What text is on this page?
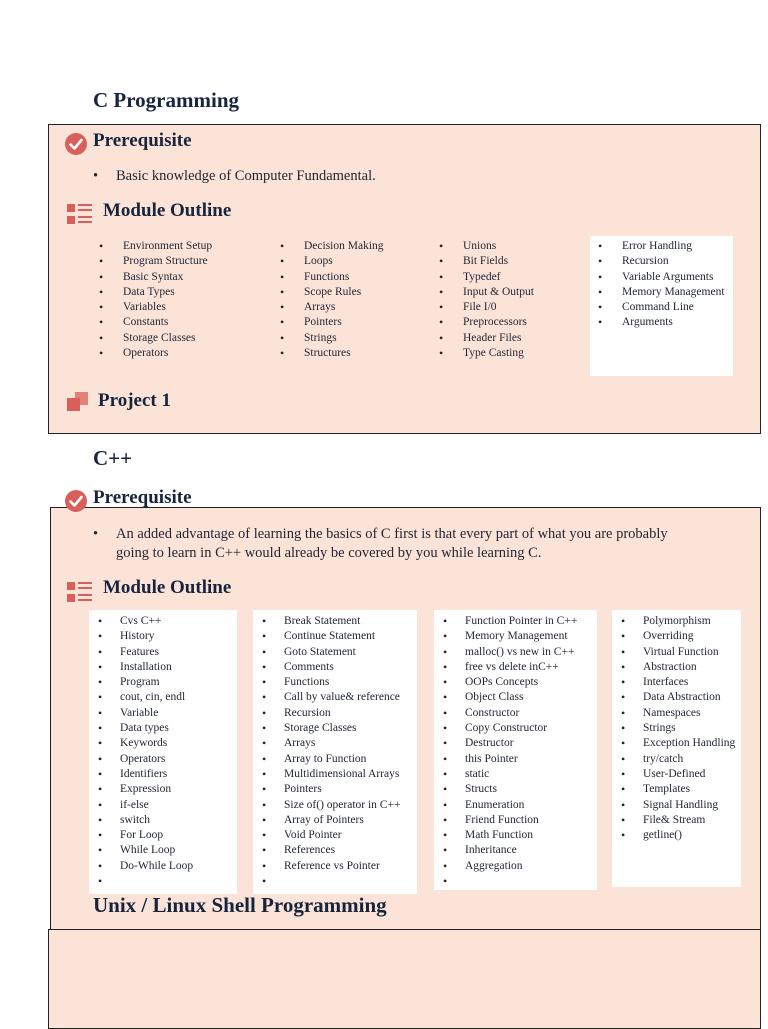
C Programming
Prerequisite
•	Basic knowledge of Computer Fundamental.
Module Outline
• Environment Setup
• Program Structure
• Basic Syntax
• Data Types
• Variables
• Constants
• Storage Classes
• Operators
• Decision Making
• Loops
• Functions
• Scope Rules
• Arrays
• Pointers
• Strings
• Structures
• Unions
• Bit Fields
• Typedef
• Input & Output
• File I/0
• Preprocessors
• Header Files
• Type Casting
• Error Handling
• Recursion
• Variable Arguments
• Memory Management
• Command Line
• Arguments
Project 1
C++
Prerequisite
•	An added advantage of learning the basics of C first is that every part of what you are probably going to learn in C++ would already be covered by you while learning C.
Module Outline
• Cvs C++
• History
• Features
• Installation
• Program
• cout, cin, endl
• Variable
• Data types
• Keywords
• Operators
• Identifiers
• Expression
• if-else
• switch
• For Loop
• While Loop
• Do-While Loop
•
• Break Statement
• Continue Statement
• Goto Statement
• Comments
• Functions
• Call by value& reference
• Recursion
• Storage Classes
• Arrays
• Array to Function
• Multidimensional Arrays
• Pointers
• Size of() operator in C++
• Array of Pointers
• Void Pointer
• References
• Reference vs Pointer
•
• Function Pointer in C++
• Memory Management
• malloc() vs new in C++
• free vs delete inC++
• OOPs Concepts
• Object Class
• Constructor
• Copy Constructor
• Destructor
• this Pointer
• static
• Structs
• Enumeration
• Friend Function
• Math Function
• Inheritance
• Aggregation
•
• Polymorphism
• Overriding
• Virtual Function
• Abstraction
• Interfaces
• Data Abstraction
• Namespaces
• Strings
• Exception Handling
• try/catch
• User-Defined
• Templates
• Signal Handling
• File& Stream
• getline()
Unix / Linux Shell Programming
